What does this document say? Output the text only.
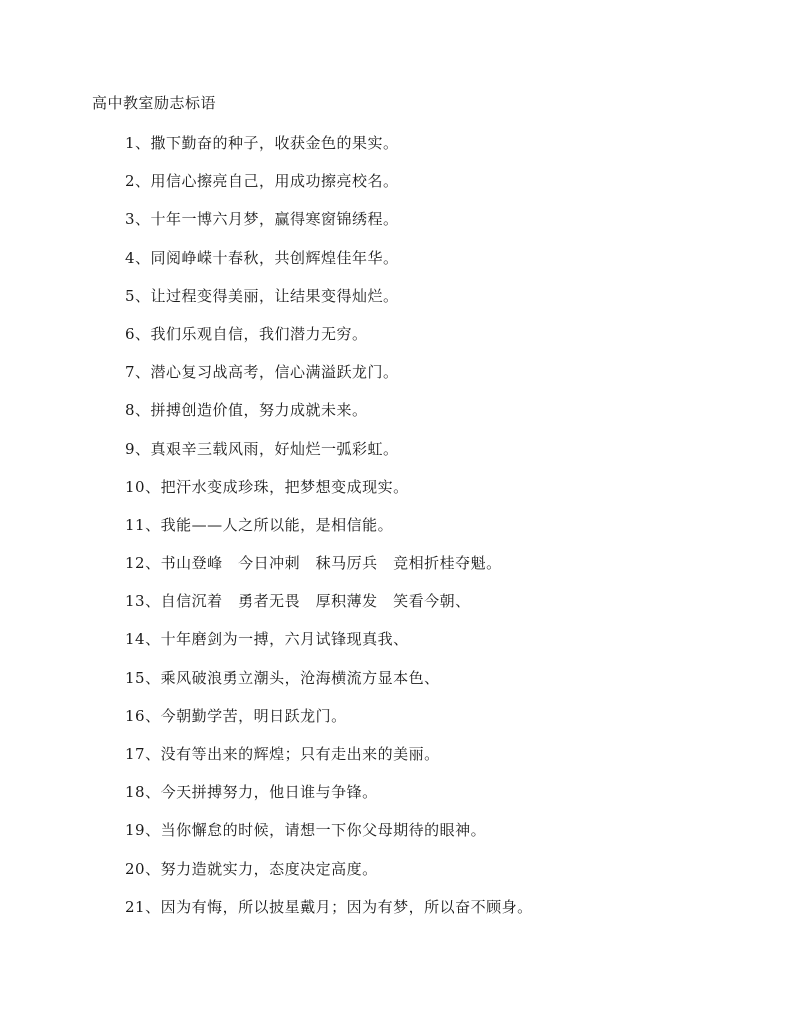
高中教室励志标语
1、撒下勤奋的种子，收获金色的果实。
2、用信心擦亮自己，用成功擦亮校名。
3、十年一博六月梦，赢得寒窗锦绣程。
4、同阅峥嵘十春秋，共创辉煌佳年华。
5、让过程变得美丽，让结果变得灿烂。
6、我们乐观自信，我们潜力无穷。
7、潜心复习战高考，信心满溢跃龙门。
8、拼搏创造价值，努力成就未来。
9、真艰辛三载风雨，好灿烂一弧彩虹。
10、把汗水变成珍珠，把梦想变成现实。
11、我能——人之所以能，是相信能。
12、书山登峰　今日冲刺　秣马厉兵　竞相折桂夺魁。
13、自信沉着　勇者无畏　厚积薄发　笑看今朝、
14、十年磨剑为一搏，六月试锋现真我、
15、乘风破浪勇立潮头，沧海横流方显本色、
16、今朝勤学苦，明日跃龙门。
17、没有等出来的辉煌；只有走出来的美丽。
18、今天拼搏努力，他日谁与争锋。
19、当你懈怠的时候，请想一下你父母期待的眼神。
20、努力造就实力，态度决定高度。
21、因为有悔，所以披星戴月；因为有梦，所以奋不顾身。
